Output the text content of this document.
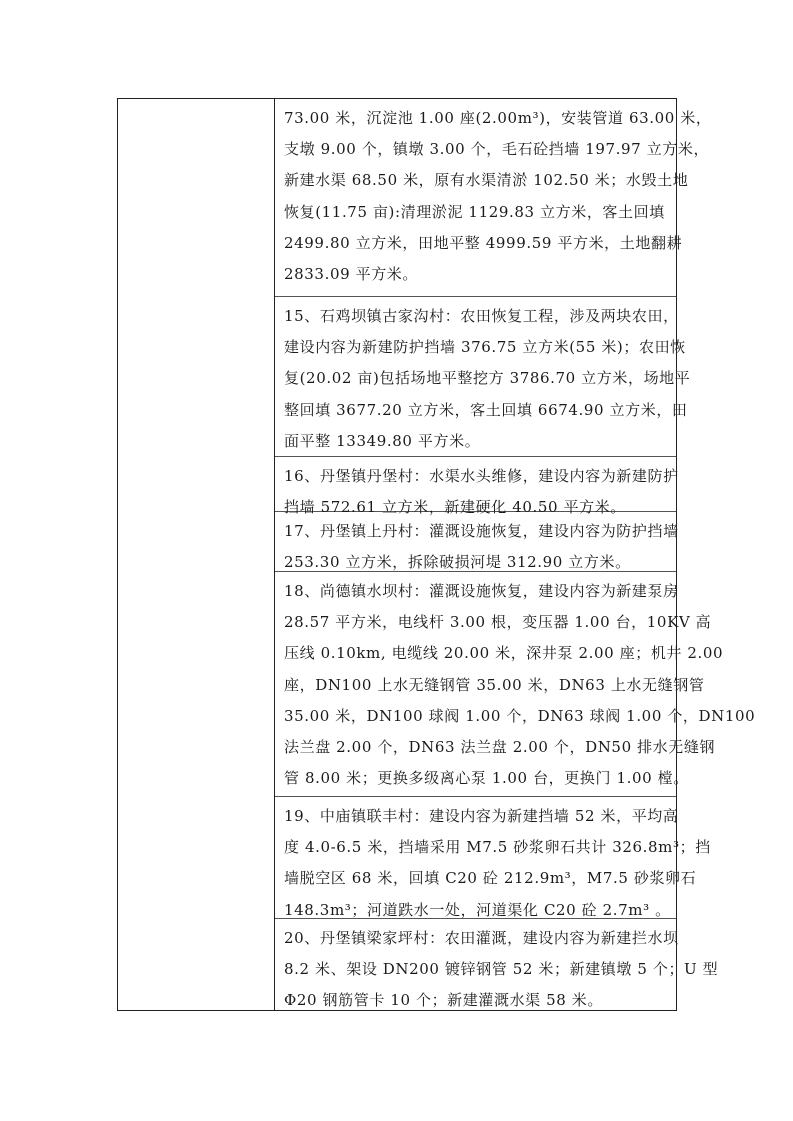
73.00 米，沉淀池 1.00 座(2.00m³)，安装管道 63.00 米，

支墩 9.00 个，镇墩 3.00 个，毛石砼挡墙 197.97 立方米，

新建水渠 68.50 米，原有水渠清淤 102.50 米；水毁土地

恢复(11.75 亩):清理淤泥 1129.83 立方米，客土回填

2499.80 立方米，田地平整 4999.59 平方米，土地翻耕

2833.09 平方米。

15、石鸡坝镇古家沟村：农田恢复工程，涉及两块农田，

建设内容为新建防护挡墙 376.75 立方米(55 米)；农田恢

复(20.02 亩)包括场地平整挖方 3786.70 立方米，场地平

整回填 3677.20 立方米，客土回填 6674.90 立方米，田

面平整 13349.80 平方米。

16、丹堡镇丹堡村：水渠水头维修，建设内容为新建防护

挡墙 572.61 立方米，新建硬化 40.50 平方米。

17、丹堡镇上丹村：灌溉设施恢复，建设内容为防护挡墙

253.30 立方米，拆除破损河堤 312.90 立方米。

18、尚德镇水坝村：灌溉设施恢复，建设内容为新建泵房

28.57 平方米，电线杆 3.00 根，变压器 1.00 台，10KV 高

压线 0.10km, 电缆线 20.00 米，深井泵 2.00 座；机井 2.00

座，DN100 上水无缝钢管 35.00 米，DN63 上水无缝钢管

35.00 米，DN100 球阀 1.00 个，DN63 球阀 1.00 个，DN100

法兰盘 2.00 个，DN63 法兰盘 2.00 个，DN50 排水无缝钢

管 8.00 米；更换多级离心泵 1.00 台，更换门 1.00 樘。

19、中庙镇联丰村：建设内容为新建挡墙 52 米，平均高

度 4.0-6.5 米，挡墙采用 M7.5 砂浆卵石共计 326.8m³；挡

墙脱空区 68 米，回填 C20 砼 212.9m³，M7.5 砂浆卵石

148.3m³；河道跌水一处，河道渠化 C20 砼 2.7m³ 。

20、丹堡镇梁家坪村：农田灌溉，建设内容为新建拦水坝

8.2 米、架设 DN200 镀锌钢管 52 米；新建镇墩 5 个；U 型

Φ20 钢筋管卡 10 个；新建灌溉水渠 58 米。
